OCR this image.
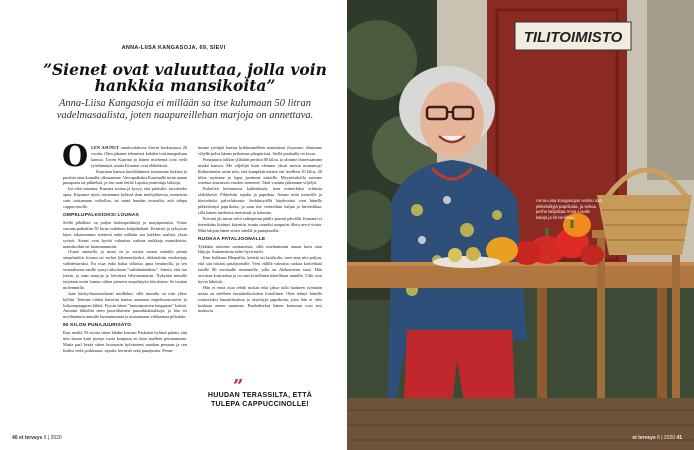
ANNA-LIISA KANGASOJA, 69, SIEVI
”Sienet ovat valuuttaa, jolla voin hankkia mansikoita”
Anna-Liisa Kangasoja ei millään sa itse kulumaan 50 litran vadelmasaalista, joten naapureillehan marjoja on annettava.

OLEN ASUNUT omakotitalossa Sievin keskustassa 26 vuotta. Olen jakanut tekemistä kahden torttimaapalstan kanssa. Toven Kaarina jo hänen miehensä ovat vielä työelämässä, mutta Kimmot ovat eläkeläisiä.

Kaarinan kanssa huolehdimme toistemme kukista ja postista aina komalla ollessamme. Vaivapalkaksi Kaarinalle minä annan puuapuria tai pikkelsiä, ja itse saan heiltä Lapista poimittuja lakkoja.

Isä olen sairaana, Kaarina soittaa ja kysyy, että pitäisikö, tarvitsetko apua. Käymme myös toistemme kylässä ihan mielijohteesta, meneisiin vain soittamaan ovikelloa, tai minä huudan terassilta, että tulepa cappuccinolle.

OMPELUPALKKIOKSI LOUNAS

Siellä pihallani on paljon kukkapenkkejä ja marjapensaita. Viime vuonna paikattiin 50 litraa vadelmia kotipihaltani. Kesäisin ja syksyisin käyn aikaisemmin sienessä enkä millään saa kaikkea saalista yksin syötyä. Sienet ovat hyvää valuuttaa vaihtaa naikkaja mansikoista, mansikoihin tai luomumunniin.

Osaan ommella, ja moni on jo vuosia tuonut minulle pieniä ompelutöitä: housut tai verhot lyhennettäviksi, rikkinäisiin vetoketjuja vaihdettavaksi. En osaa enkä halua tällaista apua feminoilla, ja sen seurauksena meille syntyi aikoinaan ”vaihdantatalous”. Saesin, että tuo jotain, ja saan marjoja ja leivoksia lehvomanaisin. Nykyään minulle tarjotaan usein lounas siihen pieneen ompelutyön kiitoksena. Se tuottaa molemmilla.

Jaan käsityöharrastukseni muillekin, sillä minulla on niin ylitse kylliin. Teimme viiden kaverini kanssa asumaan ompeluseurustelu- ja loikoonpaappien lähtiä. Pyysin hänet ”muutaponsien kauppaan” kotiini. Ammiin lähtehin neen puuväliaisten puusukkalaukkoja, ja hän toi myöhemmin minulle luomumunnia ja muuramaan virkkaansa pölyttäin.

80 KILON PUNAJUURISATO

Kun meiltä 50 vuotta sitten lähdin kotoani Paskalan kylästä päärin, että niin kauan kuin pystyn tuota kaupasta en laita itselleni perunamaata. Mutta parl kesää sitten huomasin kylväneeni maahan perunaa ja sen lisäksi vielä porkkanaa, sipulia, herneitä sekä punajuuria. Perun-

timme yrittäjät kanssa kriktimmelleen mantaloon ylsymme; alotimme viljellä pelva hänen peikomaa pihapiirissä. Siellä puuhailla on kivaa.

Punajuurta tulikin yllättäin perittiä 80 kiloa, ja olimme ihmeissämme minkä kanssa. Me viljelijät kuin olemme yksin asuvia mummoja! Raikastimme asian niin, että kumpikin meistä otti itselleen 10 kiloa, 20 kiloa myimme ja loput jaoimme tuttuille. Myyntituloilla saimme ostettua seuraavan vuoden siemenet. Tänä vuonna jatkamme viljelyä.

Kokeilen kertomassa kaikenlaista, teen esimerkiksi erilaisia säilykkeitä. Pikkelsiin sipulia ja paprikaa. Annan niitä tuttaville ja kävisekeloi palveluksesta. Serkkutytöllä käydessäni vien hänelle pikkelsintyä paprikoita, ja saan itse vienteihini kaljaa ja hirvenlihaa, sillä hänen miehensä metsästää ja kalastaa.

Kerrani jäi aaron valot sulttapesua pääliv purinii päivällä. Kaaranti ei tietenkään liittänyt käyntiin, mutta onneksi naapurin illoin arvoi virtaa. Mitä lahjoin hänet sitten siitellä ja punajuurilla.

RUOKAA PATALJOONALLE

Tykkään totoinen asettamesta, sillä mieluummin annan kuin otan lahjoja. Auttamisesta tulee hyvä mieli.

Kun kokkaan Bhupallia, keitetä tai lastikolta, teen aina niin paljon, että sitä riittäisi pataljoonalle. Vien välillä valmista ruokaa korttelinää tuttille 80 vuotiaalle mummolle, jolla on Alzheimerin tauti. Hän arvostaa kotiruokaa ja on aina kiitollinen käteillinen minulle. Välit ovat hyvin läheisiä.

Hän ei ennä osaa tehdä ruokaa eikä jaksa tulla hankeen syömään mutta on edelleen ensiaikolkoisitten kiitollinen. Olen tehnyt hänelle esimerkiksi lanaattikoittua ja täytettyjä paprikoita, jotta hän ei olisi koskaan ennen mammat. Ruokaherkut hänen kanssaan ovat tosi mukavia.

”
HUUDAN TERASSILTA, ETTÄ TULEPA CAPPUCCINOLLE!
40 et terveys 6 | 2020
TILITOIMISTO
Anna-Liisa Kangasojan seinku saa pikkelsiltyjä paprikoita, ja sekoa perhe lahjoittaa Anna-Lisalle kaloja ja hirvenlihaa.
et terveys 6 | 2020 41
